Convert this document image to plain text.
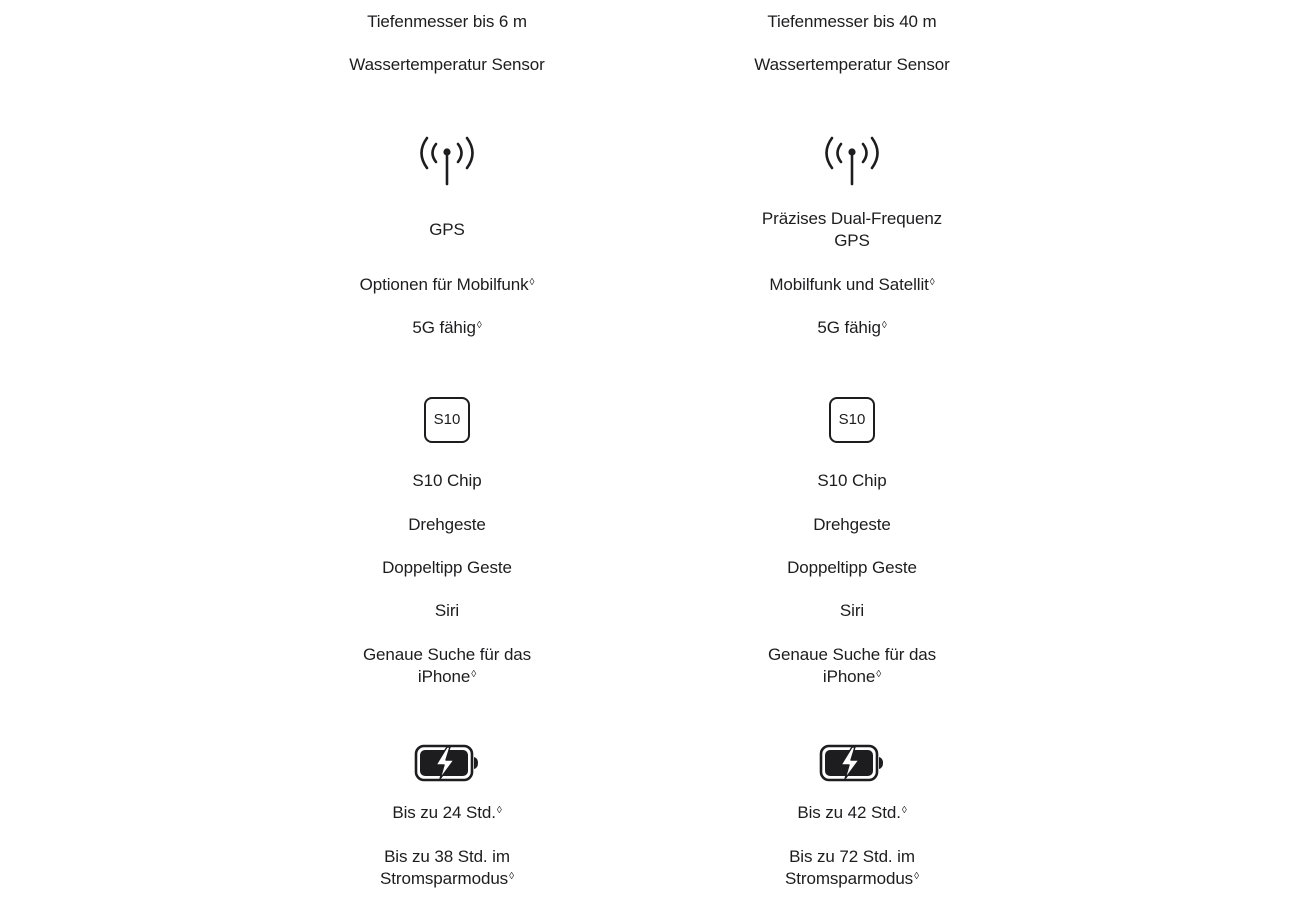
Tiefenmesser bis 6 m
Wassertemperatur Sensor
GPS
Optionen für Mobilfunk◊
5G fähig◊
S10
S10 Chip
Drehgeste
Doppeltipp Geste
Siri
Genaue Suche für das iPhone◊
Bis zu 24 Std.◊
Bis zu 38 Std. im Stromsparmodus◊
Tiefenmesser bis 40 m
Wassertemperatur Sensor
Präzises Dual-Frequenz GPS
Mobilfunk und Satellit◊
5G fähig◊
S10
S10 Chip
Drehgeste
Doppeltipp Geste
Siri
Genaue Suche für das iPhone◊
Bis zu 42 Std.◊
Bis zu 72 Std. im Stromsparmodus◊
